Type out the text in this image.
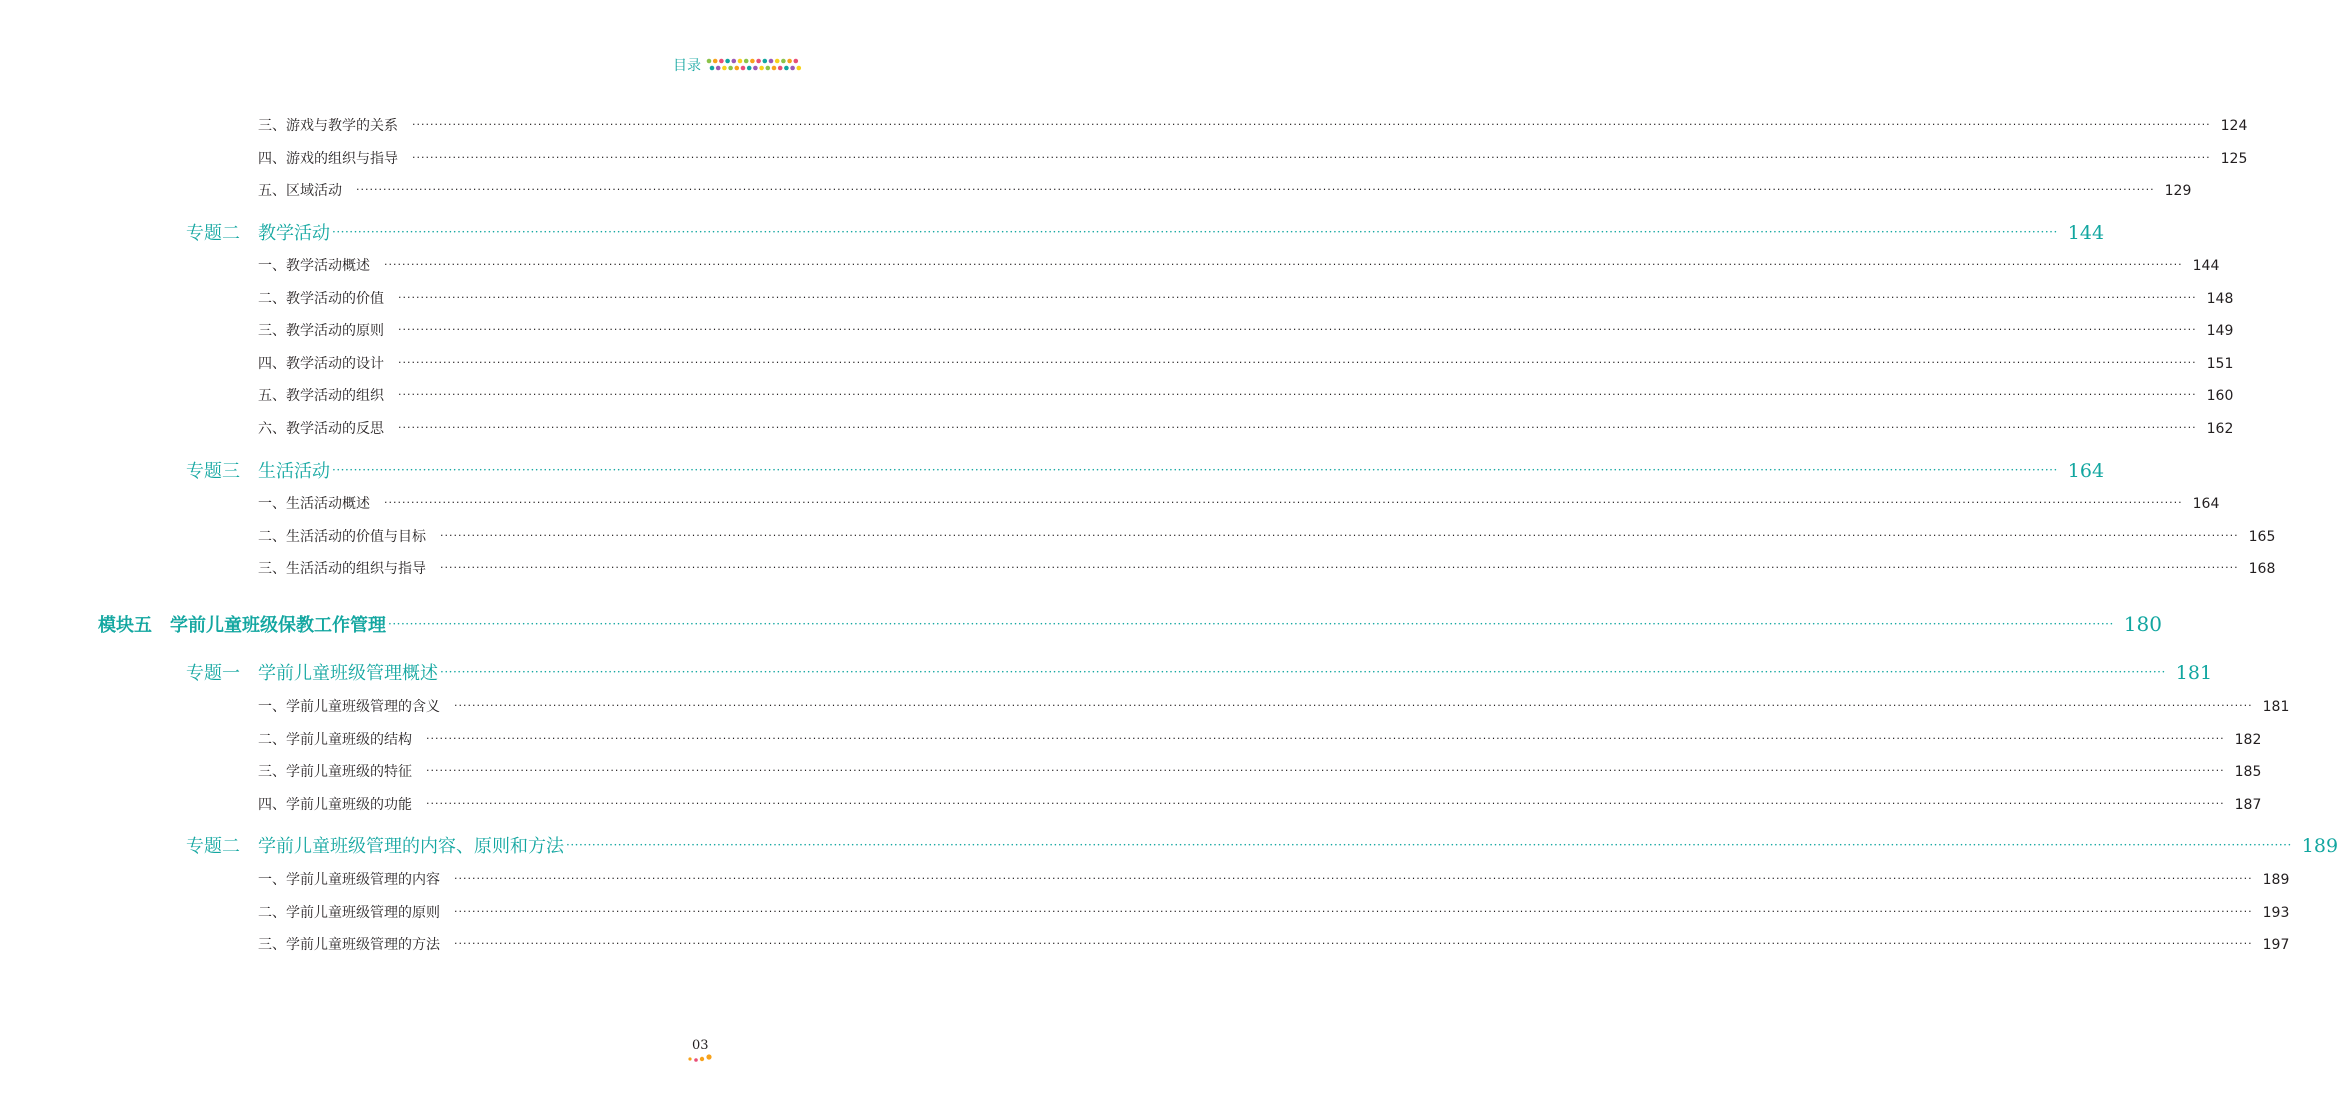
目录
三、游戏与教学的关系 ················································································································································································································································································································································································································ 124
四、游戏的组织与指导 ················································································································································································································································································································································································································ 125
五、区域活动 ················································································································································································································································································································································································································ 129
专题二　教学活动 ················································································································································································································································································································································································································ 144
一、教学活动概述 ················································································································································································································································································································································································································ 144
二、教学活动的价值 ················································································································································································································································································································································································································ 148
三、教学活动的原则 ················································································································································································································································································································································································································ 149
四、教学活动的设计 ················································································································································································································································································································································································································ 151
五、教学活动的组织 ················································································································································································································································································································································································································ 160
六、教学活动的反思 ················································································································································································································································································································································································································ 162
专题三　生活活动 ················································································································································································································································································································································································································ 164
一、生活活动概述 ················································································································································································································································································································································································································ 164
二、生活活动的价值与目标 ················································································································································································································································································································································································································ 165
三、生活活动的组织与指导 ················································································································································································································································································································································································································ 168
模块五　学前儿童班级保教工作管理 ················································································································································································································································································································································································································ 180
专题一　学前儿童班级管理概述 ················································································································································································································································································································································································································ 181
一、学前儿童班级管理的含义 ················································································································································································································································································································································································································ 181
二、学前儿童班级的结构 ················································································································································································································································································································································································································ 182
三、学前儿童班级的特征 ················································································································································································································································································································································································································ 185
四、学前儿童班级的功能 ················································································································································································································································································································································································································ 187
专题二　学前儿童班级管理的内容、原则和方法 ················································································································································································································································································································································································································ 189
一、学前儿童班级管理的内容 ················································································································································································································································································································································································································ 189
二、学前儿童班级管理的原则 ················································································································································································································································································································································································································ 193
三、学前儿童班级管理的方法 ················································································································································································································································································································································································································ 197
03
